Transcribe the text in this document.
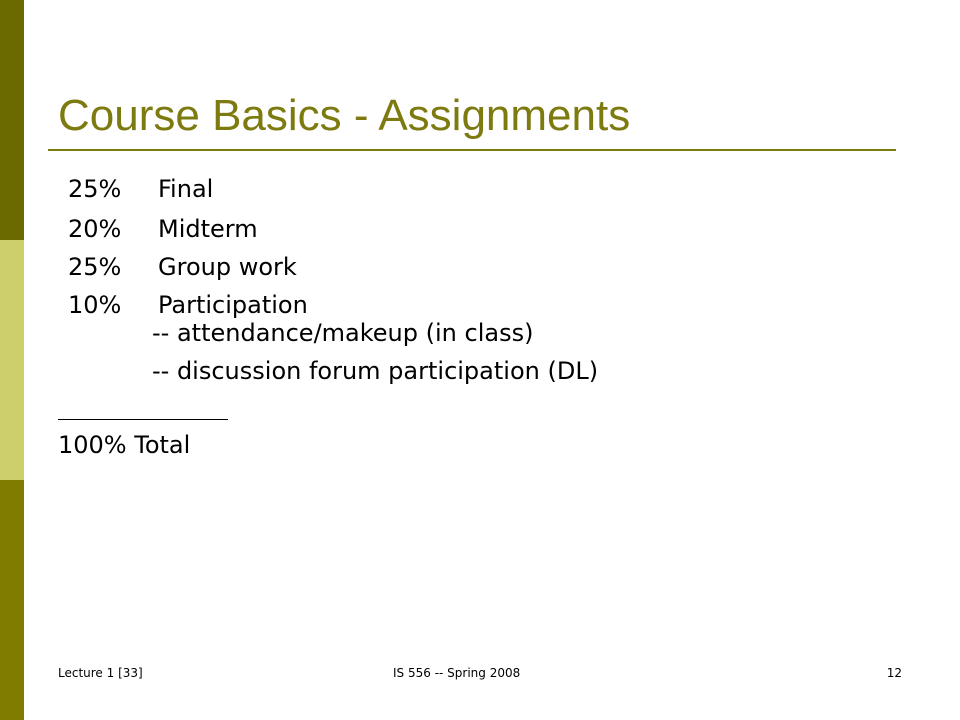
Course Basics - Assignments
25% Final
20% Midterm
25% Group work
10% Participation
-- attendance/makeup (in class)
-- discussion forum participation (DL)
100% Total
Lecture 1 [33]	IS 556 -- Spring 2008	12
